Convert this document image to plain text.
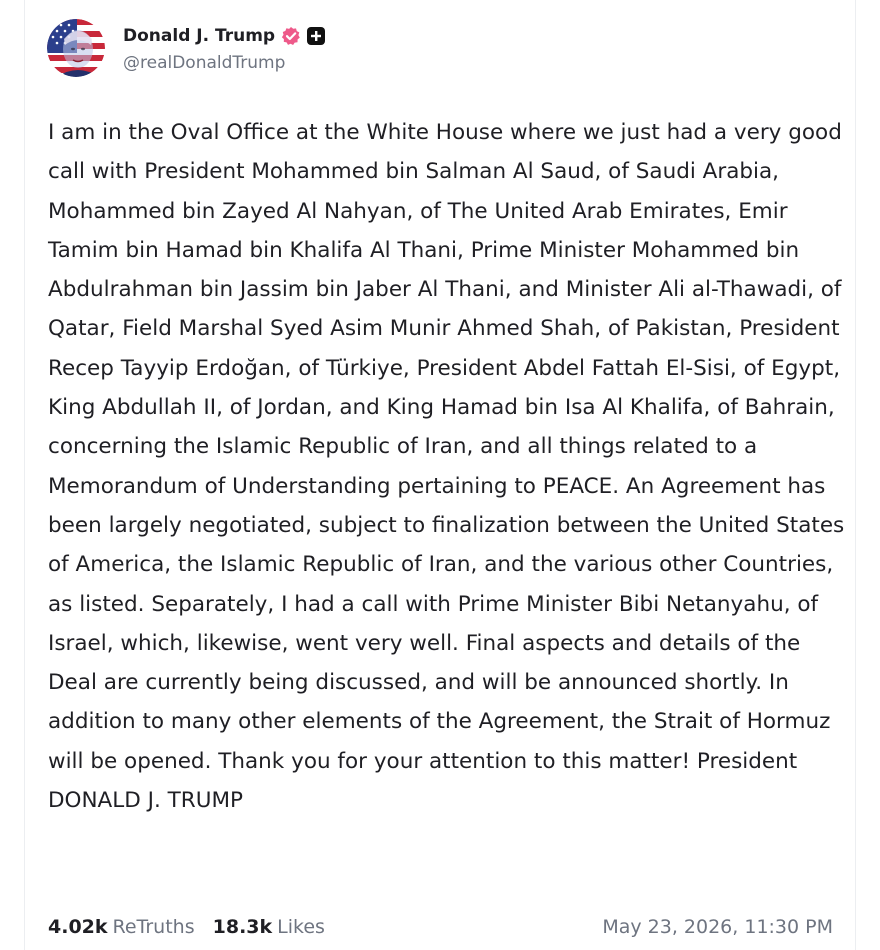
Donald J. Trump
@realDonaldTrump
I am in the Oval Office at the White House where we just had a very good call with President Mohammed bin Salman Al Saud, of Saudi Arabia, Mohammed bin Zayed Al Nahyan, of The United Arab Emirates, Emir Tamim bin Hamad bin Khalifa Al Thani, Prime Minister Mohammed bin Abdulrahman bin Jassim bin Jaber Al Thani, and Minister Ali al-Thawadi, of Qatar, Field Marshal Syed Asim Munir Ahmed Shah, of Pakistan, President Recep Tayyip Erdoğan, of Türkiye, President Abdel Fattah El-Sisi, of Egypt, King Abdullah II, of Jordan, and King Hamad bin Isa Al Khalifa, of Bahrain, concerning the Islamic Republic of Iran, and all things related to a Memorandum of Understanding pertaining to PEACE. An Agreement has been largely negotiated, subject to finalization between the United States of America, the Islamic Republic of Iran, and the various other Countries, as listed. Separately, I had a call with Prime Minister Bibi Netanyahu, of Israel, which, likewise, went very well. Final aspects and details of the Deal are currently being discussed, and will be announced shortly. In addition to many other elements of the Agreement, the Strait of Hormuz will be opened. Thank you for your attention to this matter! President DONALD J. TRUMP
4.02k ReTruths 18.3k Likes	May 23, 2026, 11:30 PM
